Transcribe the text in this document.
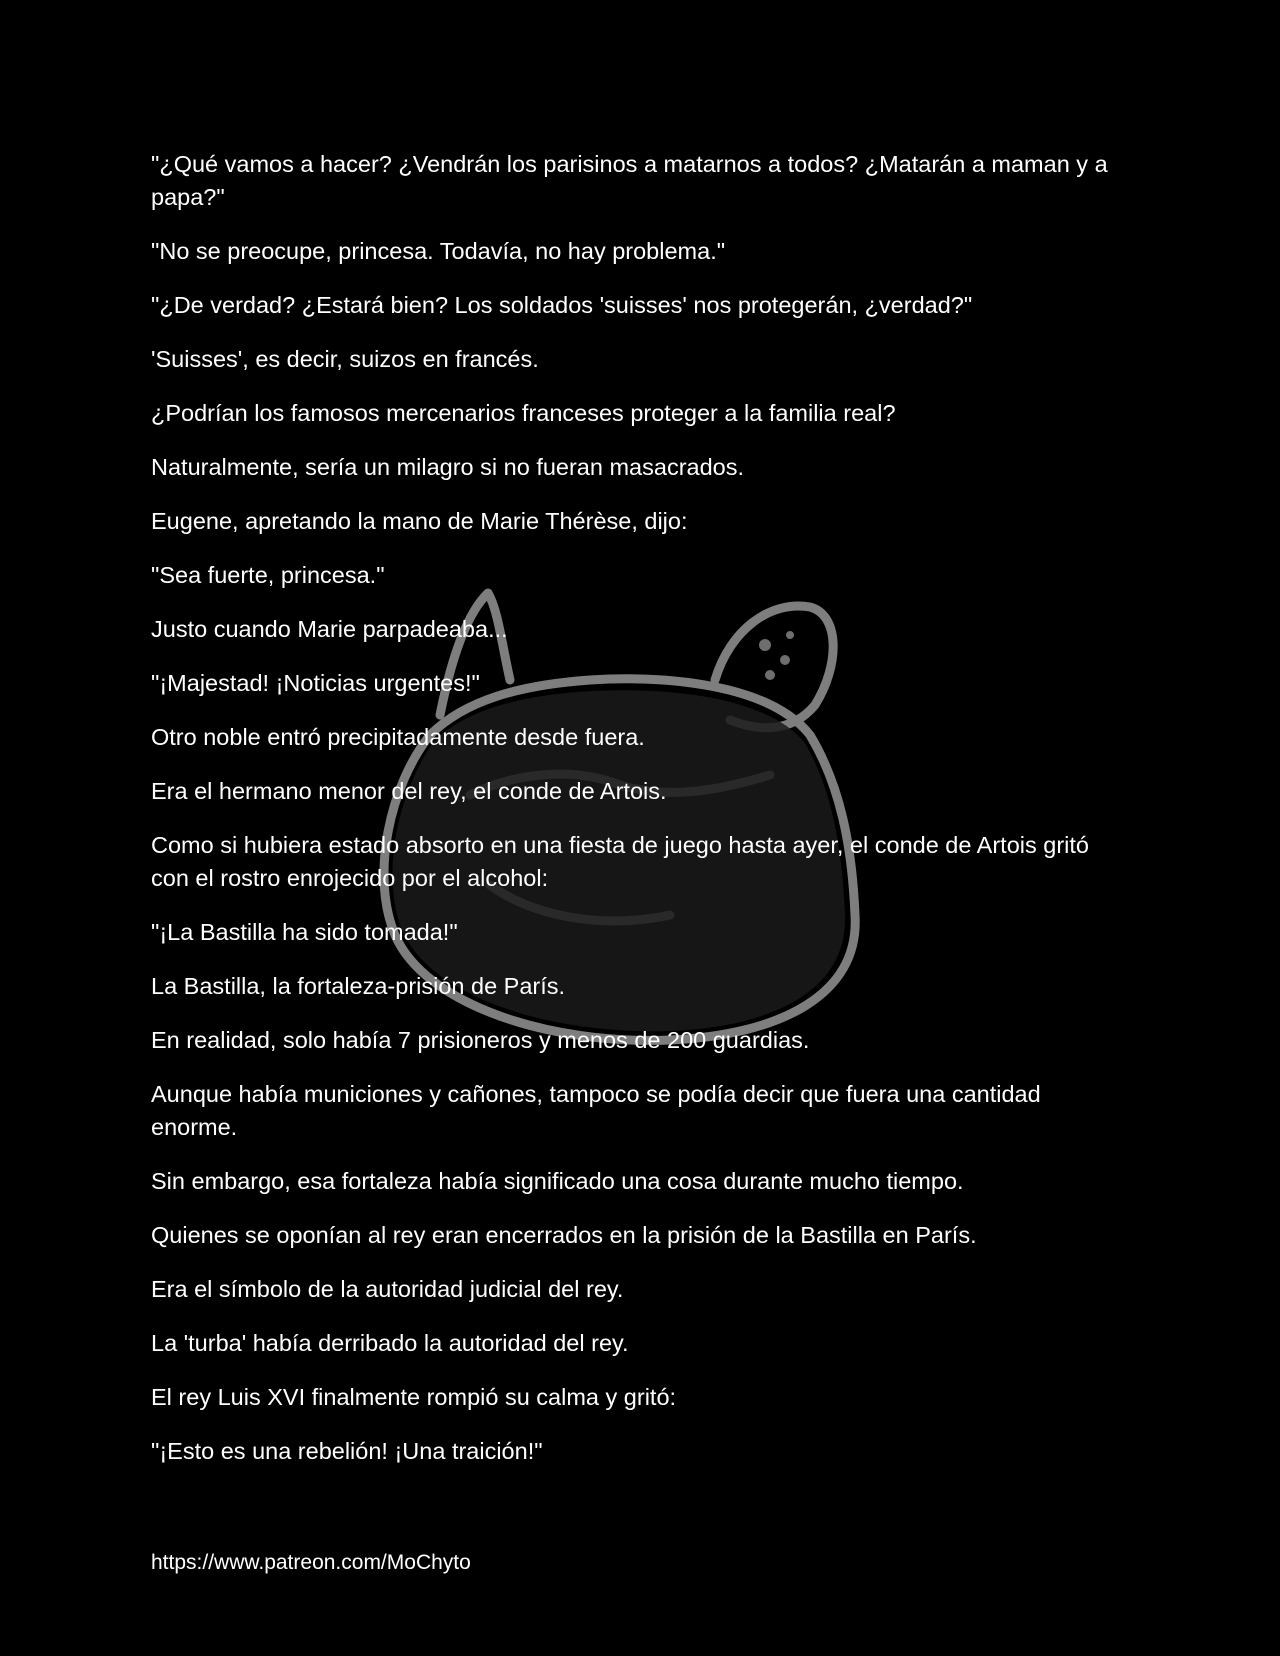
"¿Qué vamos a hacer? ¿Vendrán los parisinos a matarnos a todos? ¿Matarán a maman y a papa?"

"No se preocupe, princesa. Todavía, no hay problema."

"¿De verdad? ¿Estará bien? Los soldados 'suisses' nos protegerán, ¿verdad?"

'Suisses', es decir, suizos en francés.

¿Podrían los famosos mercenarios franceses proteger a la familia real?

Naturalmente, sería un milagro si no fueran masacrados.

Eugene, apretando la mano de Marie Thérèse, dijo:

"Sea fuerte, princesa."

Justo cuando Marie parpadeaba...

"¡Majestad! ¡Noticias urgentes!"

Otro noble entró precipitadamente desde fuera.

Era el hermano menor del rey, el conde de Artois.

Como si hubiera estado absorto en una fiesta de juego hasta ayer, el conde de Artois gritó con el rostro enrojecido por el alcohol:

"¡La Bastilla ha sido tomada!"

La Bastilla, la fortaleza-prisión de París.

En realidad, solo había 7 prisioneros y menos de 200 guardias.

Aunque había municiones y cañones, tampoco se podía decir que fuera una cantidad enorme.

Sin embargo, esa fortaleza había significado una cosa durante mucho tiempo.

Quienes se oponían al rey eran encerrados en la prisión de la Bastilla en París.

Era el símbolo de la autoridad judicial del rey.

La 'turba' había derribado la autoridad del rey.

El rey Luis XVI finalmente rompió su calma y gritó:

"¡Esto es una rebelión! ¡Una traición!"

https://www.patreon.com/MoChyto
